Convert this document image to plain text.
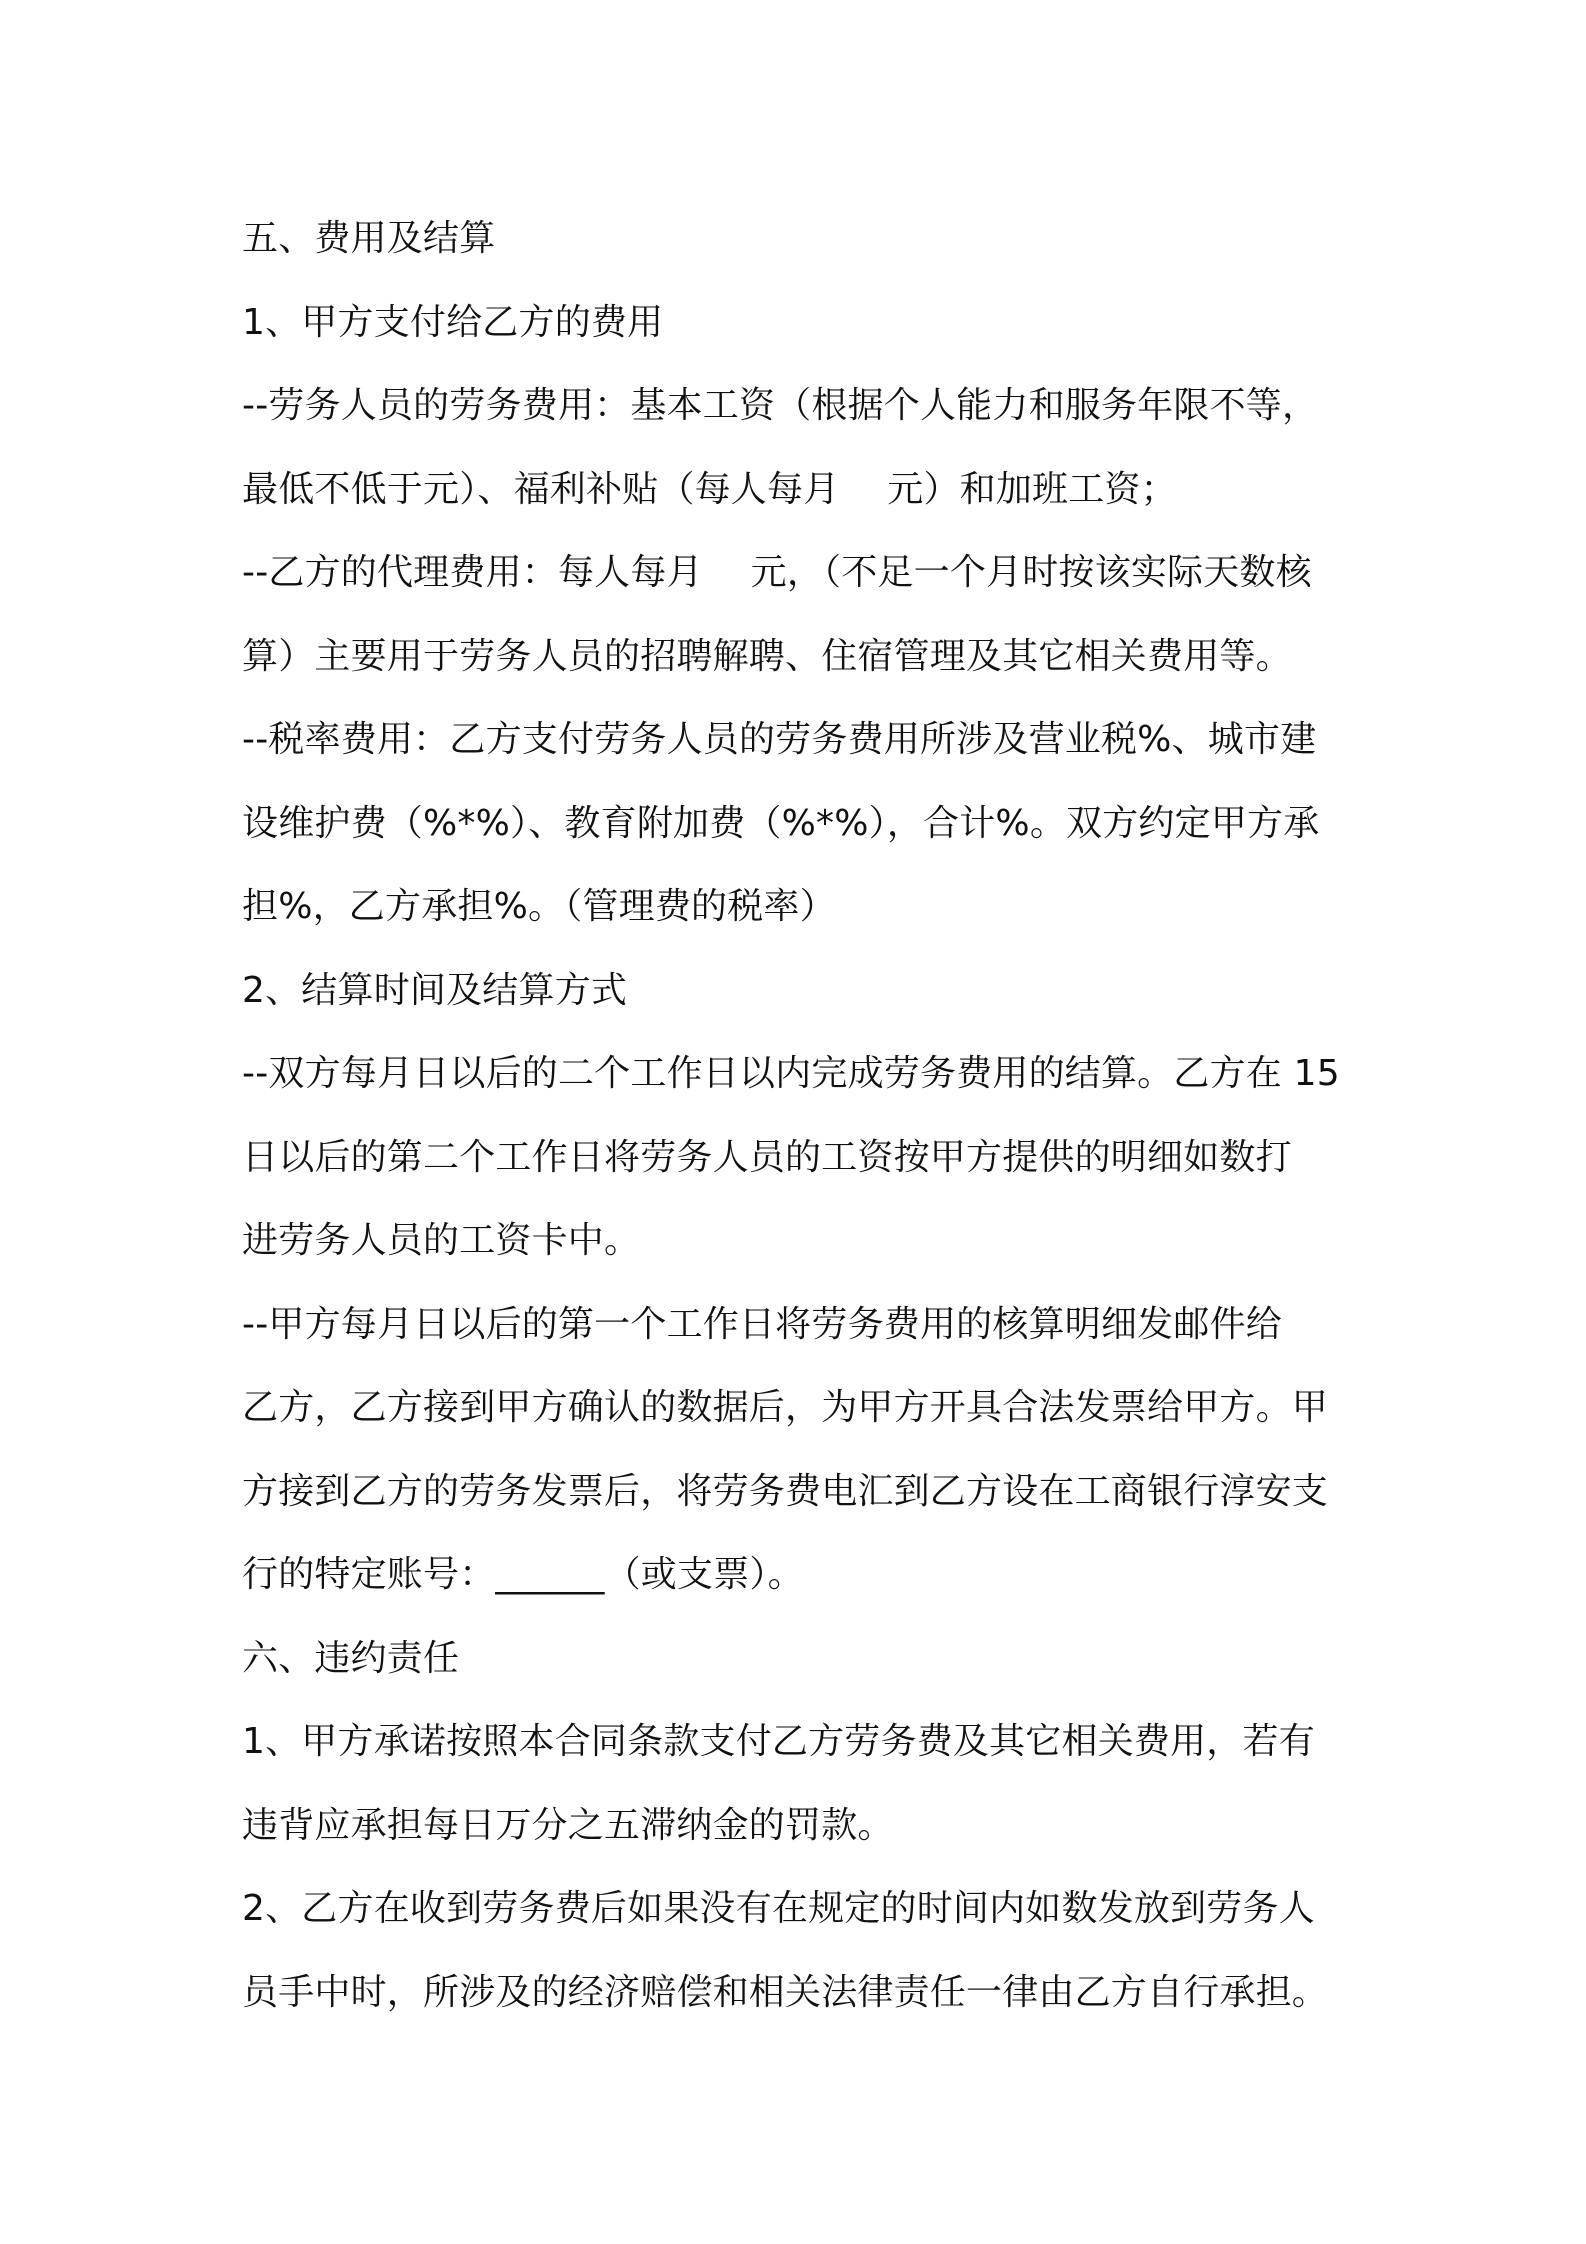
五、费用及结算
1、甲方支付给乙方的费用
--劳务人员的劳务费用：基本工资（根据个人能力和服务年限不等，
最低不低于元）、福利补贴（每人每月　 元）和加班工资；
--乙方的代理费用：每人每月　 元，（不足一个月时按该实际天数核
算）主要用于劳务人员的招聘解聘、住宿管理及其它相关费用等。
--税率费用：乙方支付劳务人员的劳务费用所涉及营业税%、城市建
设维护费（%*%）、教育附加费（%*%），合计%。双方约定甲方承
担%，乙方承担%。（管理费的税率）
2、结算时间及结算方式
--双方每月日以后的二个工作日以内完成劳务费用的结算。乙方在 15
日以后的第二个工作日将劳务人员的工资按甲方提供的明细如数打
进劳务人员的工资卡中。
--甲方每月日以后的第一个工作日将劳务费用的核算明细发邮件给
乙方，乙方接到甲方确认的数据后，为甲方开具合法发票给甲方。甲
方接到乙方的劳务发票后，将劳务费电汇到乙方设在工商银行淳安支
行的特定账号：______（或支票）。
六、违约责任
1、甲方承诺按照本合同条款支付乙方劳务费及其它相关费用，若有
违背应承担每日万分之五滞纳金的罚款。
2、乙方在收到劳务费后如果没有在规定的时间内如数发放到劳务人
员手中时，所涉及的经济赔偿和相关法律责任一律由乙方自行承担。
